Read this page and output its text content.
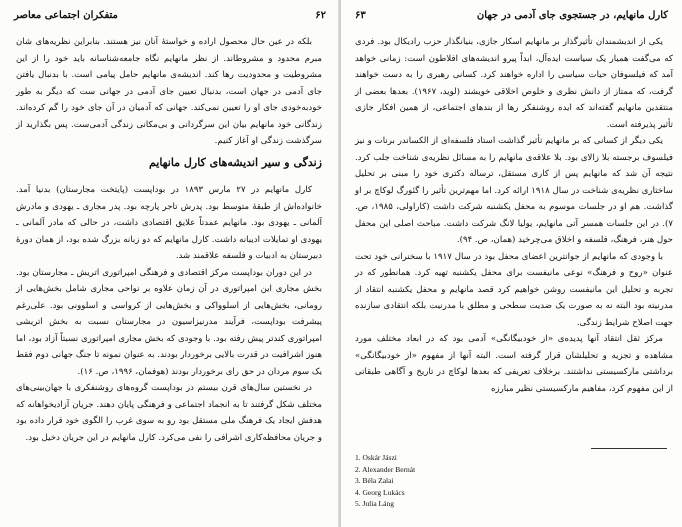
۶۲
متفکران اجتماعی معاصر

بلکه در عین حال محصول اراده و خواستهٔ آنان نیز هستند. بنابراین نظریه‌های شان مبرم محدود و مشروطاند. از نظر مانهایم نگاه جامعه‌شناسانه باید خود را از این مشروطیت و محدودیت رها کند. اندیشه‌ی مانهایم حامل پیامی است. با بدنبال یافتن جای آدمی در جهان است، بدنبال تعیین جای آدمی در جهانی ست که دیگر به طور خودبه‌خودی جای او را تعیین نمی‌کند. جهانی که آدمیان در آن جای خود را گم کرده‌اند. زندگانی خود مانهایم بیان این سرگردانی و بی‌مکانی زندگی آدمی‌ست. پس بگذارید از سرگذشت زندگی او آغاز کنیم.

زندگی و سیر اندیشه‌های کارل مانهایم

کارل مانهایم در ۲۷ مارس ۱۸۹۳ در بوداپست (پایتخت مجارستان) بدنیا آمد. خانواده‌اش از طبقهٔ متوسط بود. پدرش تاجر پارچه بود. پدر مجاری ـ یهودی و مادرش آلمانی ـ یهودی بود. مانهایم عمدتاً علایق اقتصادی داشت، در حالی که مادر آلمانی ـ یهودی او تمایلات ادیبانه داشت. کارل مانهایم که دو زبانه بزرگ شده بود، از همان دورهٔ دبیرستان به ادبیات و فلسفه علاقمند شد.

در این دوران بوداپست مرکز اقتصادی و فرهنگی امپراتوری اتریش ـ مجارستان بود. بخش مجاری این امپراتوری در آن زمان علاوه بر نواحی مجاری شامل بخش‌هایی از رومانی، بخش‌هایی از اسلوواکی و بخش‌هایی از کرواسی و اسلوونی بود. علی‌رغم پیشرفت بوداپست، فرآیند مدرنیزاسیون در مجارستان نسبت به بخش اتریشی امپراتوری کندتر پیش رفته بود. با وجودی که بخش مجاری امپراتوری نسبتاً آزاد بود، اما هنوز اشرافیت در قدرت بالایی برخوردار بودند. به عنوان نمونه تا جنگ جهانی دوم فقط یک سوم مردان در حق رای برخوردار بودند (هوفمان، ۱۹۹۶، ص. ۱۶).

در نخستین سال‌های قرن بیستم در بوداپست گروه‌های روشنفکری با جهان‌بینی‌های مختلف شکل گرفتند تا به انجماد اجتماعی و فرهنگی پایان دهند. جریان آزادیخواهانه که هدفش ایجاد یک فرهنگ ملی مستقل بود رو به سوی غرب را الگوی خود قرار داده بود و جریان محافظه‌کاری اشرافی را نفی می‌کرد. کارل مانهایم در این جریان دخیل بود.

کارل مانهایم، در جستجوی جای آدمی در جهان
۶۳

یکی از اندیشمندان تأثیرگذار بر مانهایم اسکار جازی، بنیانگذار حزب رادیکال بود. فردی که می‌گفت همیار یک سیاست ایده‌آل، ابداً پیرو اندیشه‌های افلاطون است: زمانی خواهد آمد که فیلسوفان حیات سیاسی را اداره خواهند کرد. کسانی رهبری را به دست خواهند گرفت، که ممتاز از دانش نظری و خلوص اخلاقی خویشند (لوید، ۱۹۶۷). بعدها بعضی از منتقدین مانهایم گفته‌اند که ایده روشنفکر رها از بندهای اجتماعی، از همین افکار جازی تأثیر پذیرفته است.

یکی دیگر از کسانی که بر مانهایم تأثیر گذاشت استاد فلسفه‌ای از الکساندر برنات و نیز فیلسوف برجسته بلا زالای بود. بلا علاقه‌ی مانهایم را به مسائل نظریه‌ی شناخت جلب کرد. نتیجه آن شد که مانهایم پس از کاری مستقل، ترساله دکتری خود را مبنی بر تحلیل ساختاری نظریه‌ی شناخت در سال ۱۹۱۸ ارائه کرد. اما مهم‌ترین تأثیر را گئورگ لوکاچ بر او گذاشت. هم او در جلسات موسوم به محفل یکشنبه شرکت داشت (کاراولی، ۱۹۸۵، ص. ۷). در این جلسات همسر آتی مانهایم، یولیا لانگ شرکت داشت. مباحث اصلی این محفل حول هنر، فرهنگ، فلسفه و اخلاق می‌چرخید (همان، ص. ۹۴).

با وجودی که مانهایم از جوانترین اعضای محفل بود در سال ۱۹۱۷ با سخنرانی خود تحت عنوان «روح و فرهنگ» نوعی مانیفست برای محفل یکشنبه تهیه کرد. همانطور که در تجربه و تحلیل این مانیفست روشن خواهیم کرد قصد مانهایم و محفل یکشنبه انتقاد از مدرنیته بود البته نه به صورت یک ضدیت سطحی و مطلق با مدرنیت بلکه انتقادی سازنده جهت اصلاح شرایط زندگی.

مرکز ثقل انتقاد آنها پدیده‌ی «از خودبیگانگی» آدمی بود که در ابعاد مختلف مورد مشاهده و تجزیه و تحلیلشان قرار گرفته است. البته آنها از مفهوم «از خودبیگانگی» برداشتی مارکسیستی نداشتند. برخلاف تعریفی که بعدها لوکاچ در تاریخ و آگاهی طبقاتی از این مفهوم کرد، مفاهیم مارکسیستی نظیر مبارزه

1. Oskár Jászi
2. Alexander Bernát
3. Béla Zalai
4. Georg Lukács
5. Julia Láng
